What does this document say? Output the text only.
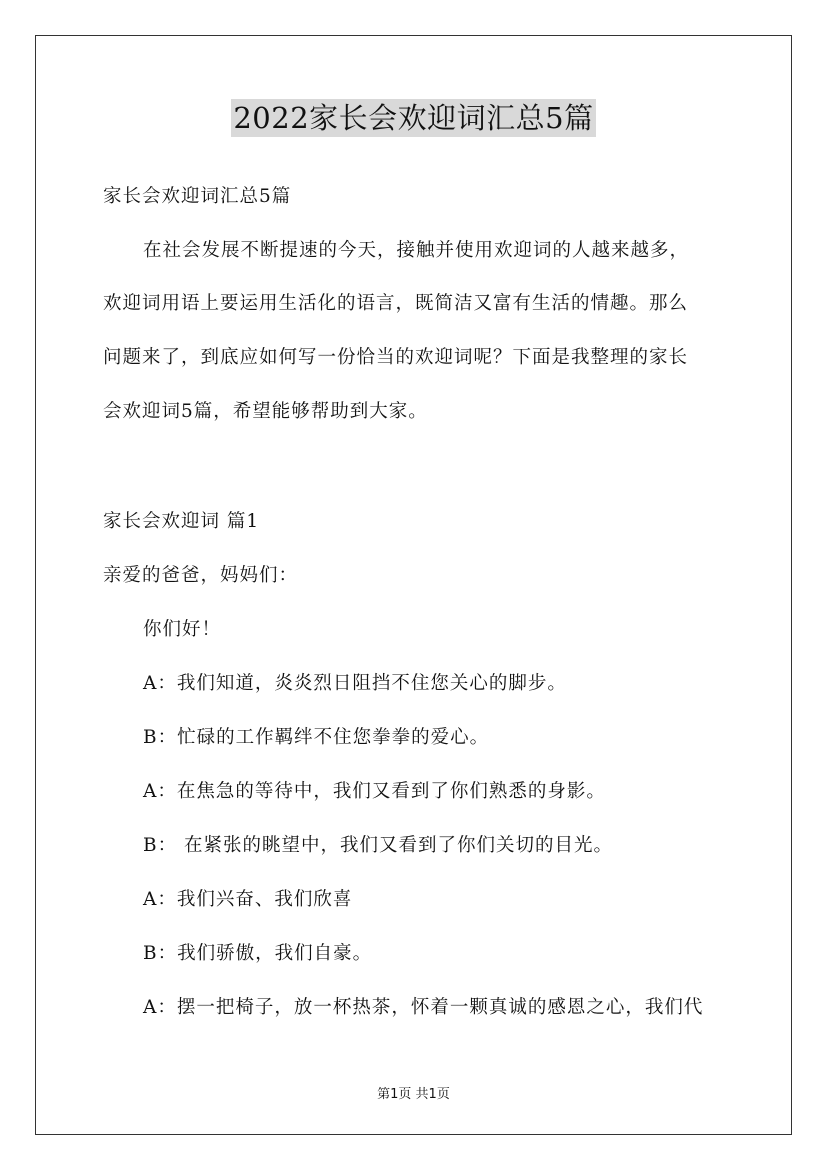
2022家长会欢迎词汇总5篇
家长会欢迎词汇总5篇
在社会发展不断提速的今天，接触并使用欢迎词的人越来越多，
欢迎词用语上要运用生活化的语言，既简洁又富有生活的情趣。那么
问题来了，到底应如何写一份恰当的欢迎词呢？下面是我整理的家长
会欢迎词5篇，希望能够帮助到大家。
家长会欢迎词 篇1
亲爱的爸爸，妈妈们：
你们好！
A：我们知道，炎炎烈日阻挡不住您关心的脚步。
B：忙碌的工作羁绊不住您拳拳的爱心。
A：在焦急的等待中，我们又看到了你们熟悉的身影。
B： 在紧张的眺望中，我们又看到了你们关切的目光。
A：我们兴奋、我们欣喜
B：我们骄傲，我们自豪。
A：摆一把椅子，放一杯热茶，怀着一颗真诚的感恩之心，我们代
第1页 共1页
